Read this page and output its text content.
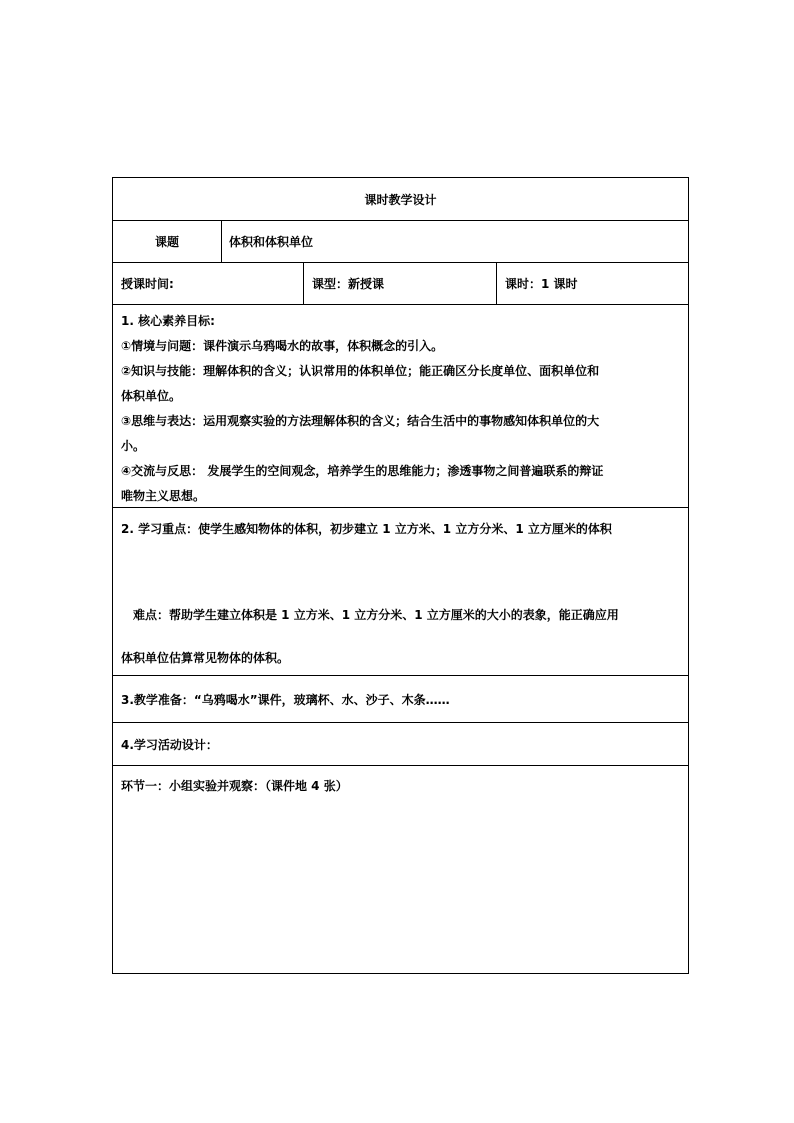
课时教学设计
课题	体积和体积单位
授课时间:	课型：新授课	课时：1 课时
1. 核心素养目标:
①情境与问题：课件演示乌鸦喝水的故事，体积概念的引入。
②知识与技能：理解体积的含义；认识常用的体积单位；能正确区分长度单位、面积单位和
体积单位。
③思维与表达：运用观察实验的方法理解体积的含义；结合生活中的事物感知体积单位的大
小。
④交流与反思： 发展学生的空间观念，培养学生的思维能力；渗透事物之间普遍联系的辩证
唯物主义思想。
2. 学习重点：使学生感知物体的体积，初步建立 1 立方米、1 立方分米、1 立方厘米的体积
难点：帮助学生建立体积是 1 立方米、1 立方分米、1 立方厘米的大小的表象，能正确应用
体积单位估算常见物体的体积。
3.教学准备：“乌鸦喝水”课件，玻璃杯、水、沙子、木条……
4.学习活动设计：
环节一：小组实验并观察：（课件地 4 张）
